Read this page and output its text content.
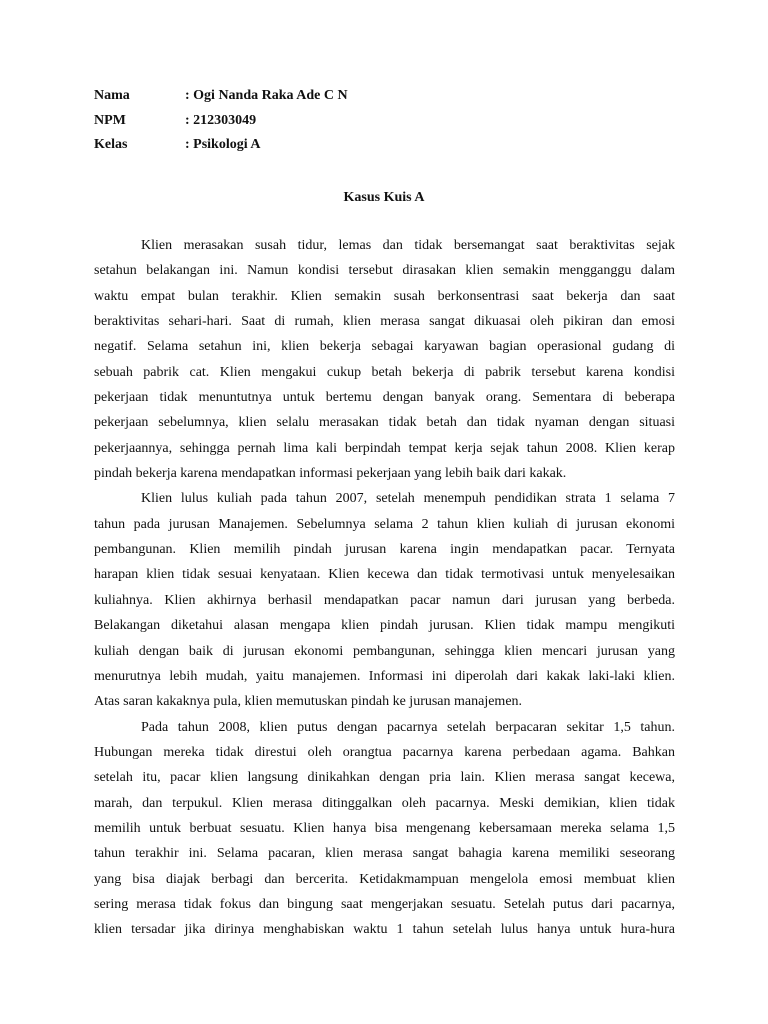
Nama	: Ogi Nanda Raka Ade C N
NPM	: 212303049
Kelas	: Psikologi A
Kasus Kuis A
Klien merasakan susah tidur, lemas dan tidak bersemangat saat beraktivitas sejak
setahun belakangan ini. Namun kondisi tersebut dirasakan klien semakin mengganggu dalam
waktu empat bulan terakhir. Klien semakin susah berkonsentrasi saat bekerja dan saat
beraktivitas sehari-hari. Saat di rumah, klien merasa sangat dikuasai oleh pikiran dan emosi
negatif. Selama setahun ini, klien bekerja sebagai karyawan bagian operasional gudang di
sebuah pabrik cat. Klien mengakui cukup betah bekerja di pabrik tersebut karena kondisi
pekerjaan tidak menuntutnya untuk bertemu dengan banyak orang. Sementara di beberapa
pekerjaan sebelumnya, klien selalu merasakan tidak betah dan tidak nyaman dengan situasi
pekerjaannya, sehingga pernah lima kali berpindah tempat kerja sejak tahun 2008. Klien kerap
pindah bekerja karena mendapatkan informasi pekerjaan yang lebih baik dari kakak.
Klien lulus kuliah pada tahun 2007, setelah menempuh pendidikan strata 1 selama 7
tahun pada jurusan Manajemen. Sebelumnya selama 2 tahun klien kuliah di jurusan ekonomi
pembangunan. Klien memilih pindah jurusan karena ingin mendapatkan pacar. Ternyata
harapan klien tidak sesuai kenyataan. Klien kecewa dan tidak termotivasi untuk menyelesaikan
kuliahnya. Klien akhirnya berhasil mendapatkan pacar namun dari jurusan yang berbeda.
Belakangan diketahui alasan mengapa klien pindah jurusan. Klien tidak mampu mengikuti
kuliah dengan baik di jurusan ekonomi pembangunan, sehingga klien mencari jurusan yang
menurutnya lebih mudah, yaitu manajemen. Informasi ini diperolah dari kakak laki-laki klien.
Atas saran kakaknya pula, klien memutuskan pindah ke jurusan manajemen.
Pada tahun 2008, klien putus dengan pacarnya setelah berpacaran sekitar 1,5 tahun.
Hubungan mereka tidak direstui oleh orangtua pacarnya karena perbedaan agama. Bahkan
setelah itu, pacar klien langsung dinikahkan dengan pria lain. Klien merasa sangat kecewa,
marah, dan terpukul. Klien merasa ditinggalkan oleh pacarnya. Meski demikian, klien tidak
memilih untuk berbuat sesuatu. Klien hanya bisa mengenang kebersamaan mereka selama 1,5
tahun terakhir ini. Selama pacaran, klien merasa sangat bahagia karena memiliki seseorang
yang bisa diajak berbagi dan bercerita. Ketidakmampuan mengelola emosi membuat klien
sering merasa tidak fokus dan bingung saat mengerjakan sesuatu. Setelah putus dari pacarnya,
klien tersadar jika dirinya menghabiskan waktu 1 tahun setelah lulus hanya untuk hura-hura
